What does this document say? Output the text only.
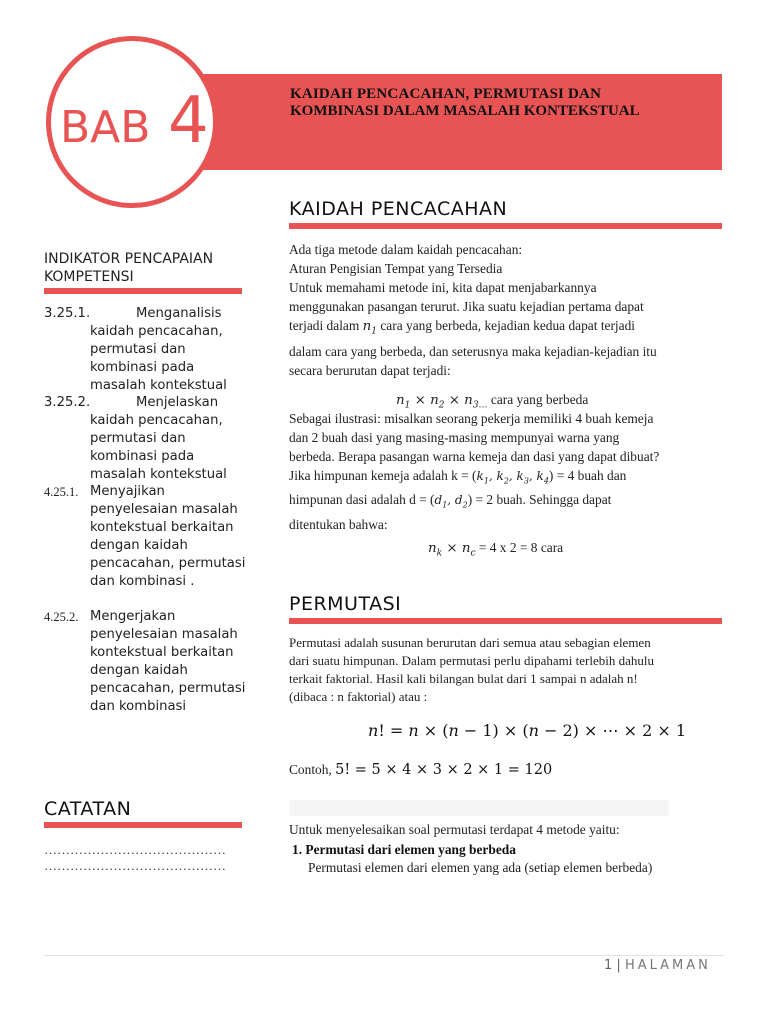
KAIDAH PENCACAHAN, PERMUTASI DAN
KOMBINASI DALAM MASALAH KONTEKSTUAL
BAB 4
INDIKATOR PENCAPAIAN KOMPETENSI
3.25.1.	Menganalisis
kaidah pencacahan,
permutasi dan
kombinasi pada
masalah kontekstual
3.25.2.	Menjelaskan
kaidah pencacahan,
permutasi dan
kombinasi pada
masalah kontekstual
4.25.1. Menyajikan penyelesaian masalah kontekstual berkaitan dengan kaidah pencacahan, permutasi dan kombinasi .
4.25.2. Mengerjakan penyelesaian masalah kontekstual berkaitan dengan kaidah pencacahan, permutasi dan kombinasi
CATATAN
……………………………………
……………………………………
KAIDAH PENCACAHAN
Ada tiga metode dalam kaidah pencacahan:
Aturan Pengisian Tempat yang Tersedia
Untuk memahami metode ini, kita dapat menjabarkannya
menggunakan pasangan terurut. Jika suatu kejadian pertama dapat
terjadi dalam $n_1$ cara yang berbeda, kejadian kedua dapat terjadi
dalam cara yang berbeda, dan seterusnya maka kejadian-kejadian itu
secara berurutan dapat terjadi:
$n_1 \times n_2 \times n_{3\dots}$ cara yang berbeda
Sebagai ilustrasi: misalkan seorang pekerja memiliki 4 buah kemeja
dan 2 buah dasi yang masing-masing mempunyai warna yang
berbeda. Berapa pasangan warna kemeja dan dasi yang dapat dibuat?
Jika himpunan kemeja adalah $k = (k_1$, $k_2$, $k_3$, $k_4) = 4$ buah dan
himpunan dasi adalah $d = (d_1$, $d_2) = 2$ buah. Sehingga dapat
ditentukan bahwa:
$n_k \times n_c = 4$ x 2 = 8 cara
PERMUTASI
Permutasi adalah susunan berurutan dari semua atau sebagian elemen
dari suatu himpunan. Dalam permutasi perlu dipahami terlebih dahulu
terkait faktorial. Hasil kali bilangan bulat dari 1 sampai n adalah n!
(dibaca : n faktorial) atau :
n! = n × (n − 1) × (n − 2) × ⋯ × 2 × 1
Contoh, 5! = 5 × 4 × 3 × 2 × 1 = 120
Untuk menyelesaikan soal permutasi terdapat 4 metode yaitu:
1. Permutasi dari elemen yang berbeda
Permutasi elemen dari elemen yang ada (setiap elemen berbeda)
1 | HALAMAN
